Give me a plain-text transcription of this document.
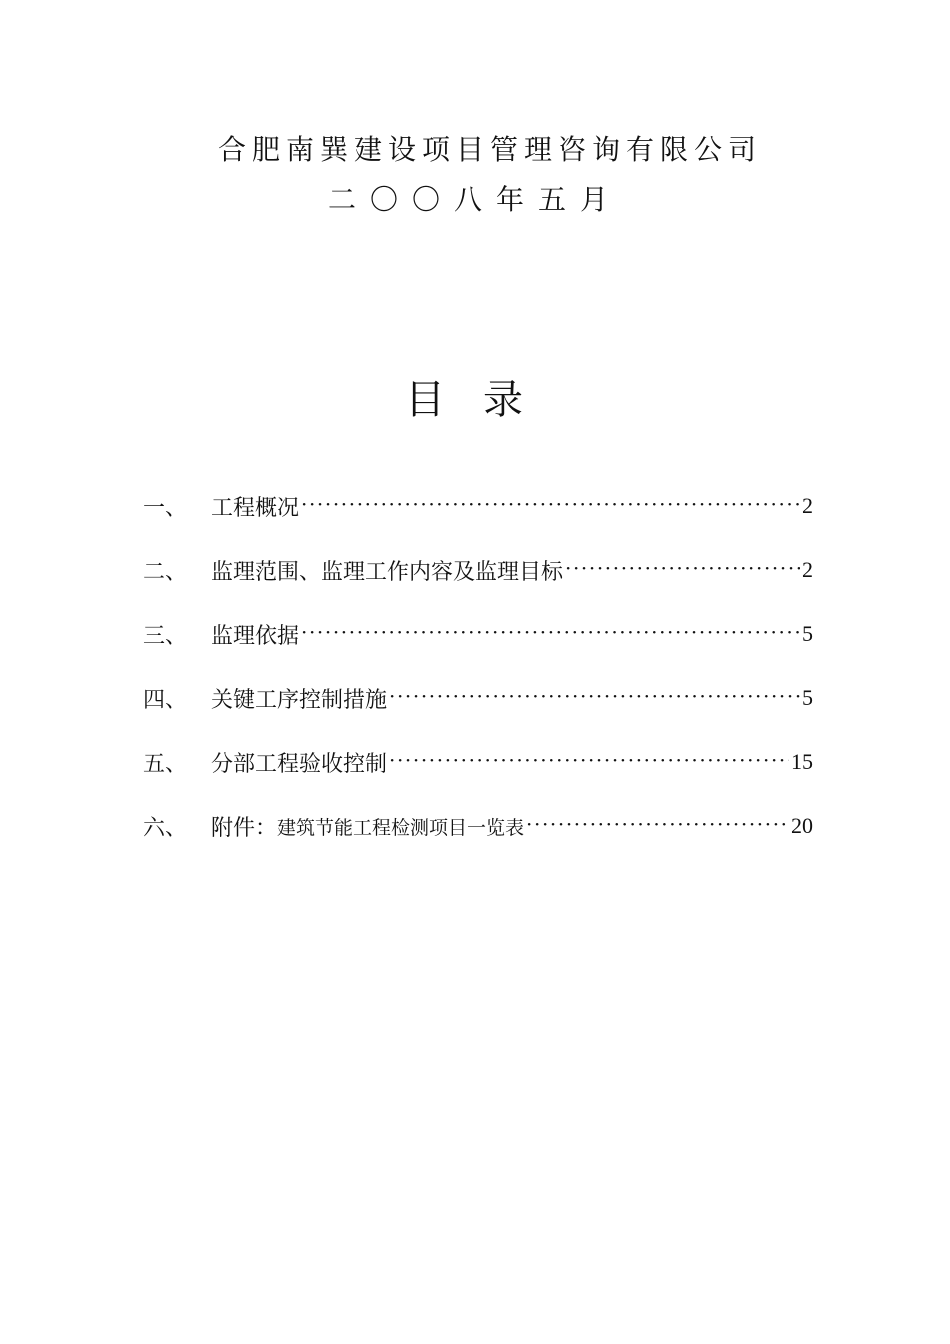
合肥南巽建设项目管理咨询有限公司
二〇〇八年五月
目录
一、	工程概况 ·····	2
二、	监理范围、监理工作内容及监理目标 ·····	2
三、	监理依据 ·····	5
四、	关键工序控制措施 ·····	5
五、	分部工程验收控制 ·····	15
六、	附件： 建筑节能工程检测项目一览表 ·····	20
